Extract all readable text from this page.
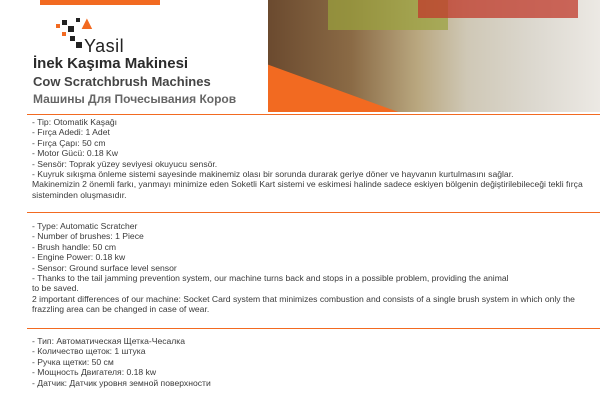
▲
Yasil
İnek Kaşıma Makinesi
Cow Scratchbrush Machines
Машины Для Почесывания Коров

- Tip: Otomatik Kaşağı

- Fırça Adedi: 1 Adet

- Fırça Çapı: 50 cm

- Motor Gücü: 0.18 Kw

- Sensör: Toprak yüzey seviyesi okuyucu sensör.

- Kuyruk sıkışma önleme sistemi sayesinde makinemiz olası bir sorunda durarak geriye döner ve hayvanın kurtulmasını sağlar.

Makinemizin 2 önemli farkı, yanmayı minimize eden Soketli Kart sistemi ve eskimesi halinde sadece eskiyen bölgenin değiştirilebileceği tekli fırça sisteminden oluşmasıdır.

- Type: Automatic Scratcher

- Number of brushes: 1 Piece

- Brush handle: 50 cm

- Engine Power: 0.18 kw

- Sensor: Ground surface level sensor

- Thanks to the tail jamming prevention system, our machine turns back and stops in a possible problem, providing the animal

to be saved.

2 important differences of our machine: Socket Card system that minimizes combustion and consists of a single brush system in which only the frazzling area can be changed in case of wear.

- Тип: Автоматическая Щетка-Чесалка

- Количество щеток: 1 штука

- Ручка щетки: 50 см

- Мощность Двигателя: 0.18 kw

- Датчик: Датчик уровня земной поверхности
